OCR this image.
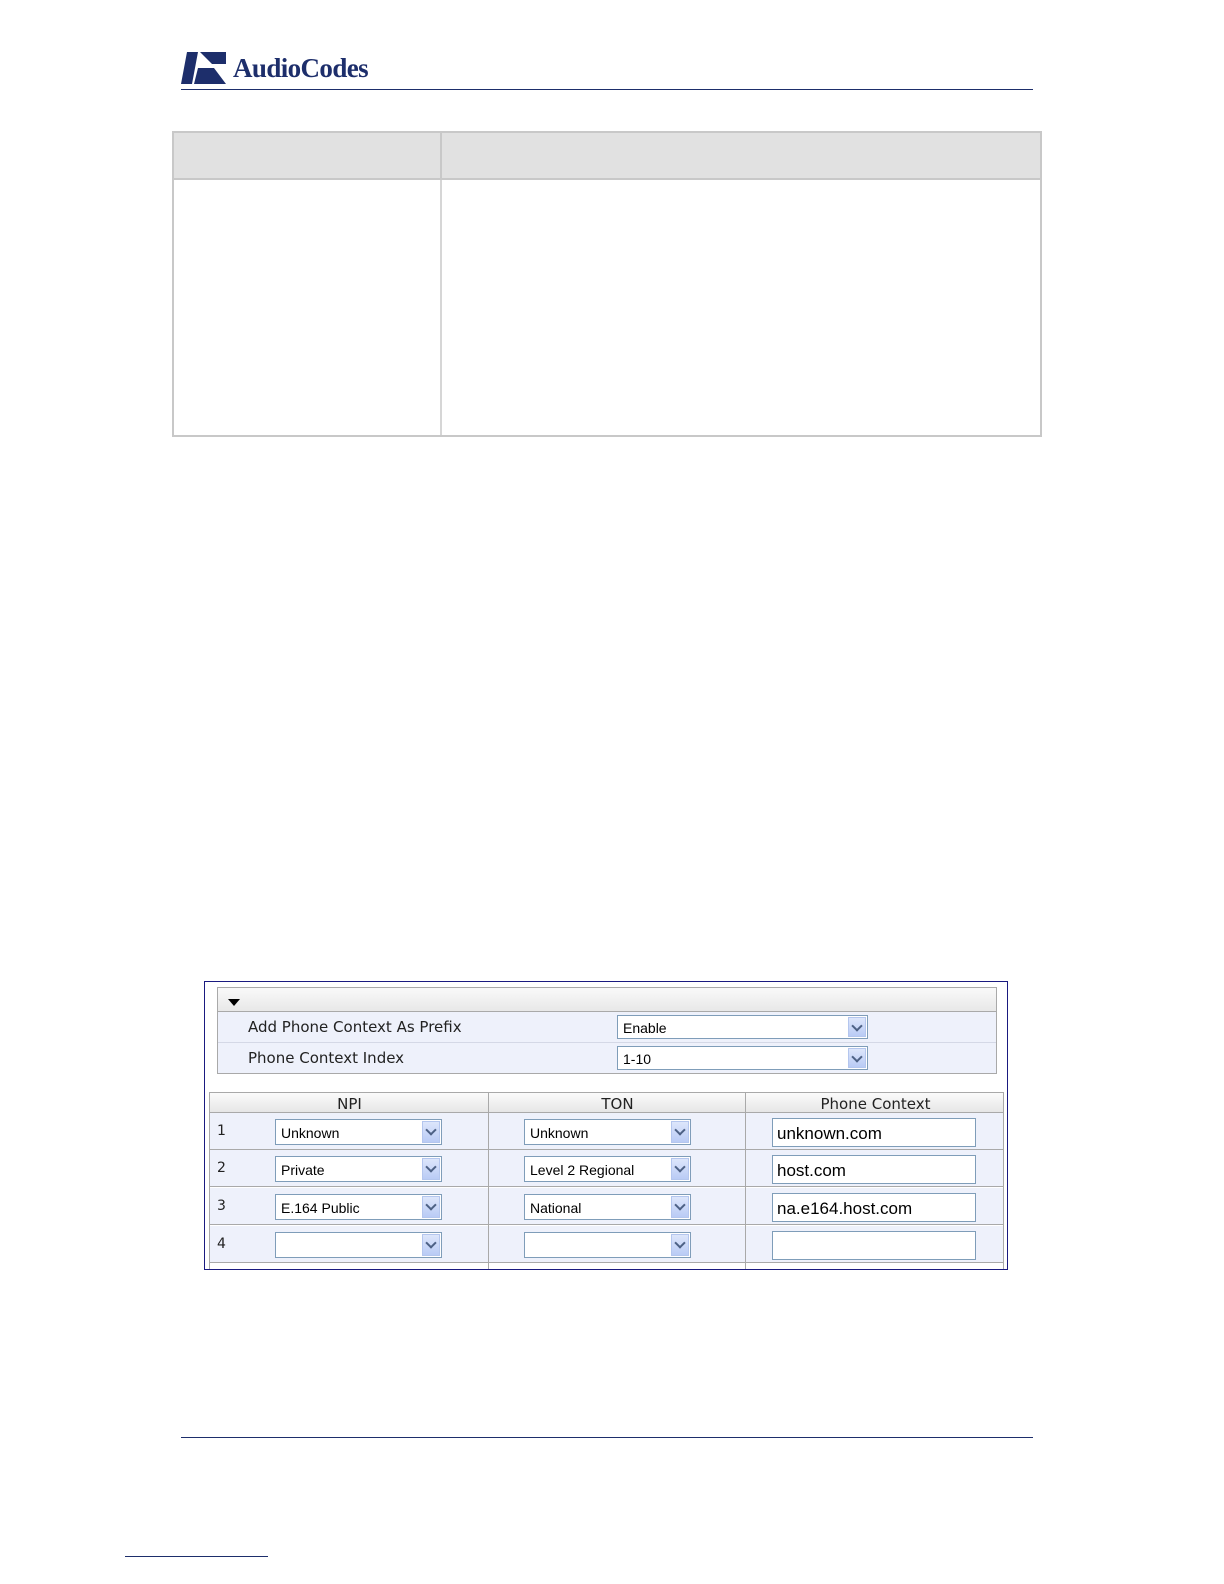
AudioCodes
Add Phone Context As Prefix	Enable
Phone Context Index	1-10
NPI	TON	Phone Context
1	Unknown	Unknown	unknown.com
2	Private	Level 2 Regional	host.com
3	E.164 Public	National	na.e164.host.com
4
